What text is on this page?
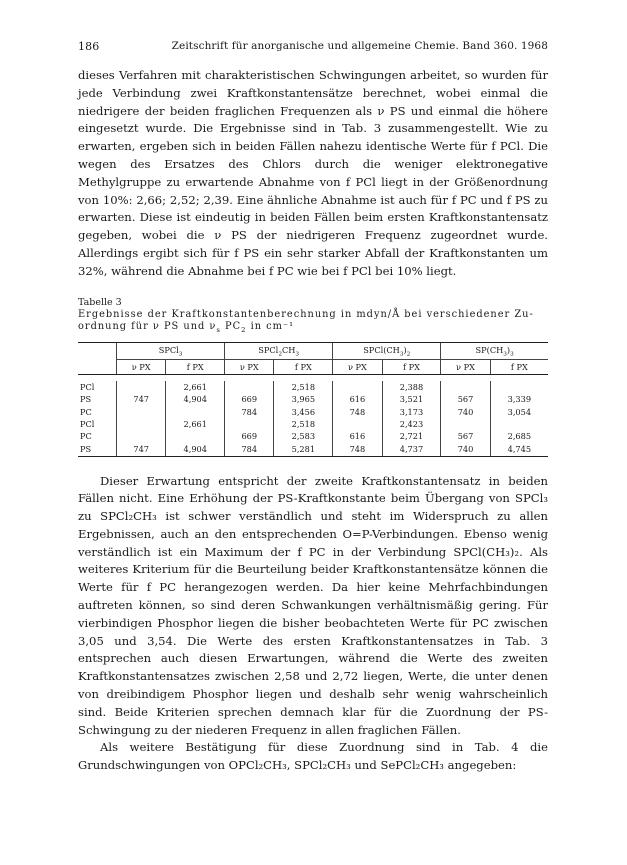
186	Zeitschrift für anorganische und allgemeine Chemie. Band 360. 1968

dieses Verfahren mit charakteristischen Schwingungen arbeitet, so wurden für jede Verbindung zwei Kraftkonstantensätze berechnet, wobei einmal die niedrigere der beiden fraglichen Frequenzen als ν PS und einmal die höhere eingesetzt wurde. Die Ergebnisse sind in Tab. 3 zusammengestellt. Wie zu erwarten, ergeben sich in beiden Fällen nahezu identische Werte für f PCl. Die wegen des Ersatzes des Chlors durch die weniger elektronegative Methylgruppe zu erwartende Abnahme von f PCl liegt in der Größenordnung von 10%: 2,66; 2,52; 2,39. Eine ähnliche Abnahme ist auch für f PC und f PS zu erwarten. Diese ist eindeutig in beiden Fällen beim ersten Kraftkonstantensatz gegeben, wobei die ν PS der niedrigeren Frequenz zugeordnet wurde. Allerdings ergibt sich für f PS ein sehr starker Abfall der Kraftkonstanten um 32%, während die Abnahme bei f PC wie bei f PCl bei 10% liegt.

Tabelle 3
Ergebnisse der Kraftkonstantenberechnung in mdyn/Å bei verschiedener Zu-
ordnung für ν PS und $\nu_s$ $PC_2$ in cm⁻¹
	SPCl$_3$		$SPCl_2CH_3$		$SPCl(CH_3)_2$		$SP(CH_3)_3$
	ν PX	f PX	ν PX	f PX	ν PX	f PX	ν PX	f PX

PCl		2,661		2,518		2,388		
PS	747	4,904	669	3,965	616	3,521	567	3,339
PC			784	3,456	748	3,173	740	3,054
PCl		2,661		2,518		2,423		
PC			669	2,583	616	2,721	567	2,685
PS	747	4,904	784	5,281	748	4,737	740	4,745

Dieser Erwartung entspricht der zweite Kraftkonstantensatz in beiden Fällen nicht. Eine Erhöhung der PS-Kraftkonstante beim Übergang von SPCl₃ zu SPCl₂CH₃ ist schwer verständlich und steht im Widerspruch zu allen Ergebnissen, auch an den entsprechenden O=P-Verbindungen. Ebenso wenig verständlich ist ein Maximum der f PC in der Verbindung SPCl(CH₃)₂. Als weiteres Kriterium für die Beurteilung beider Kraftkonstantensätze können die Werte für f PC herangezogen werden. Da hier keine Mehrfachbindungen auftreten können, so sind deren Schwankungen verhältnismäßig gering. Für vierbindigen Phosphor liegen die bisher beobachteten Werte für PC zwischen 3,05 und 3,54. Die Werte des ersten Kraftkonstantensatzes in Tab. 3 entsprechen auch diesen Erwartungen, während die Werte des zweiten Kraftkonstantensatzes zwischen 2,58 und 2,72 liegen, Werte, die unter denen von dreibindigem Phosphor liegen und deshalb sehr wenig wahrscheinlich sind. Beide Kriterien sprechen demnach klar für die Zuordnung der PS-Schwingung zu der niederen Frequenz in allen fraglichen Fällen.

Als weitere Bestätigung für diese Zuordnung sind in Tab. 4 die Grundschwingungen von OPCl₂CH₃, SPCl₂CH₃ und SePCl₂CH₃ angegeben:
